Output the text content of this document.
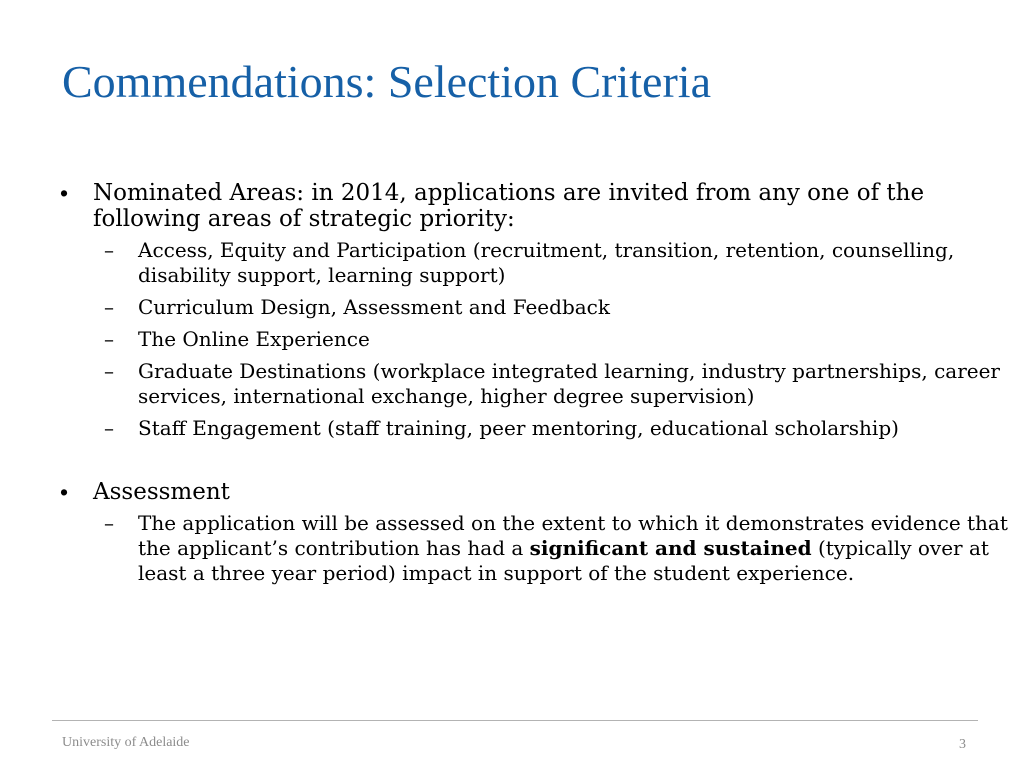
Commendations: Selection Criteria
• Nominated Areas: in 2014, applications are invited from any one of the following areas of strategic priority:
– Access, Equity and Participation (recruitment, transition, retention, counselling, disability support, learning support)
– Curriculum Design, Assessment and Feedback
– The Online Experience
– Graduate Destinations (workplace integrated learning, industry partnerships, career services, international exchange, higher degree supervision)
– Staff Engagement (staff training, peer mentoring, educational scholarship)
• Assessment
– The application will be assessed on the extent to which it demonstrates evidence that the applicant’s contribution has had a significant and sustained (typically over at least a three year period) impact in support of the student experience.
University of Adelaide	3
